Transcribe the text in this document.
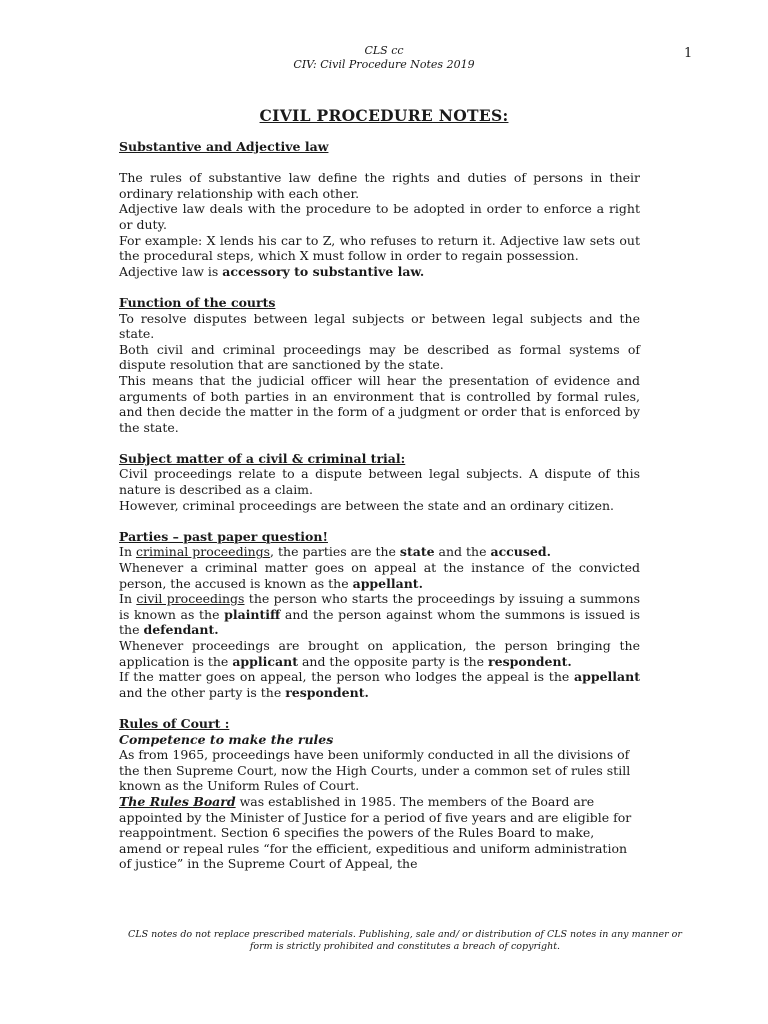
CLS cc
CIV: Civil Procedure Notes 2019
1
CIVIL PROCEDURE NOTES:
Substantive and Adjective law

The rules of substantive law define the rights and duties of persons in their ordinary relationship with each other.

Adjective law deals with the procedure to be adopted in order to enforce a right or duty.

For example: X lends his car to Z, who refuses to return it. Adjective law sets out the procedural steps, which X must follow in order to regain possession.

Adjective law is accessory to substantive law.

Function of the courts

To resolve disputes between legal subjects or between legal subjects and the state.

Both civil and criminal proceedings may be described as formal systems of dispute resolution that are sanctioned by the state.

This means that the judicial officer will hear the presentation of evidence and arguments of both parties in an environment that is controlled by formal rules, and then decide the matter in the form of a judgment or order that is enforced by the state.

Subject matter of a civil & criminal trial:

Civil proceedings relate to a dispute between legal subjects. A dispute of this nature is described as a claim.

However, criminal proceedings are between the state and an ordinary citizen.

Parties – past paper question!

In criminal proceedings, the parties are the state and the accused.

Whenever a criminal matter goes on appeal at the instance of the convicted person, the accused is known as the appellant.

In civil proceedings the person who starts the proceedings by issuing a summons is known as the plaintiff and the person against whom the summons is issued is the defendant.

Whenever proceedings are brought on application, the person bringing the application is the applicant and the opposite party is the respondent.

If the matter goes on appeal, the person who lodges the appeal is the appellant and the other party is the respondent.

Rules of Court :

Competence to make the rules

As from 1965, proceedings have been uniformly conducted in all the divisions of the then Supreme Court, now the High Courts, under a common set of rules still known as the Uniform Rules of Court.

The Rules Board was established in 1985. The members of the Board are appointed by the Minister of Justice for a period of five years and are eligible for reappointment. Section 6 specifies the powers of the Rules Board to make, amend or repeal rules “for the efficient, expeditious and uniform administration of justice” in the Supreme Court of Appeal, the

CLS notes do not replace prescribed materials. Publishing, sale and/ or distribution of CLS notes in any manner or
form is strictly prohibited and constitutes a breach of copyright.
